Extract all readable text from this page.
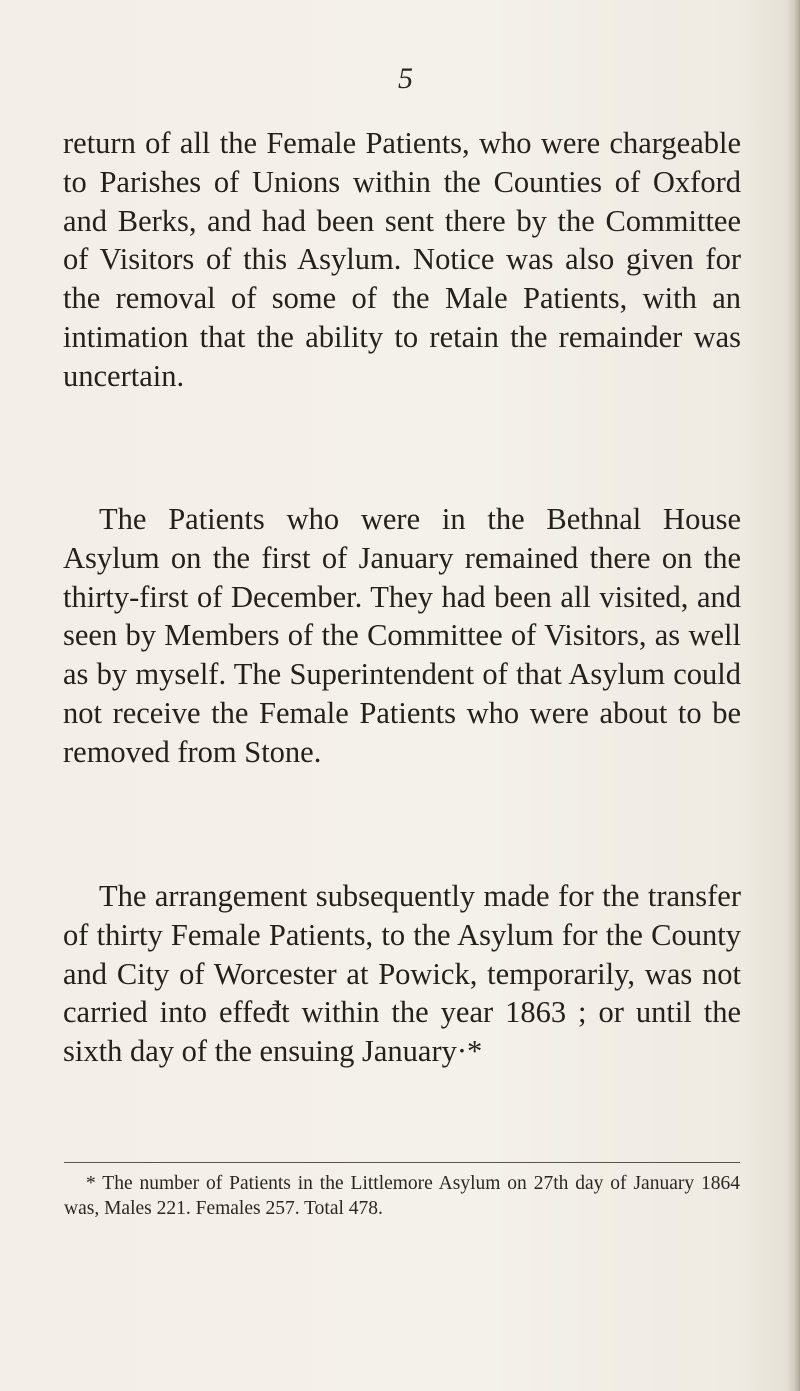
5

return of all the Female Patients, who were chargeable to Parishes of Unions within the Counties of Oxford and Berks, and had been sent there by the Committee of Visitors of this Asylum. Notice was also given for the removal of some of the Male Patients, with an intimation that the ability to retain the remainder was uncertain.

The Patients who were in the Bethnal House Asylum on the first of January remained there on the thirty-first of December. They had been all visited, and seen by Members of the Committee of Visitors, as well as by myself. The Superintendent of that Asylum could not receive the Female Patients who were about to be removed from Stone.

The arrangement subsequently made for the transfer of thirty Female Patients, to the Asylum for the County and City of Worcester at Powick, temporarily, was not carried into effeđt within the year 1863 ; or until the sixth day of the ensuing January·*

* The number of Patients in the Littlemore Asylum on 27th day of January 1864 was, Males 221. Females 257. Total 478.
